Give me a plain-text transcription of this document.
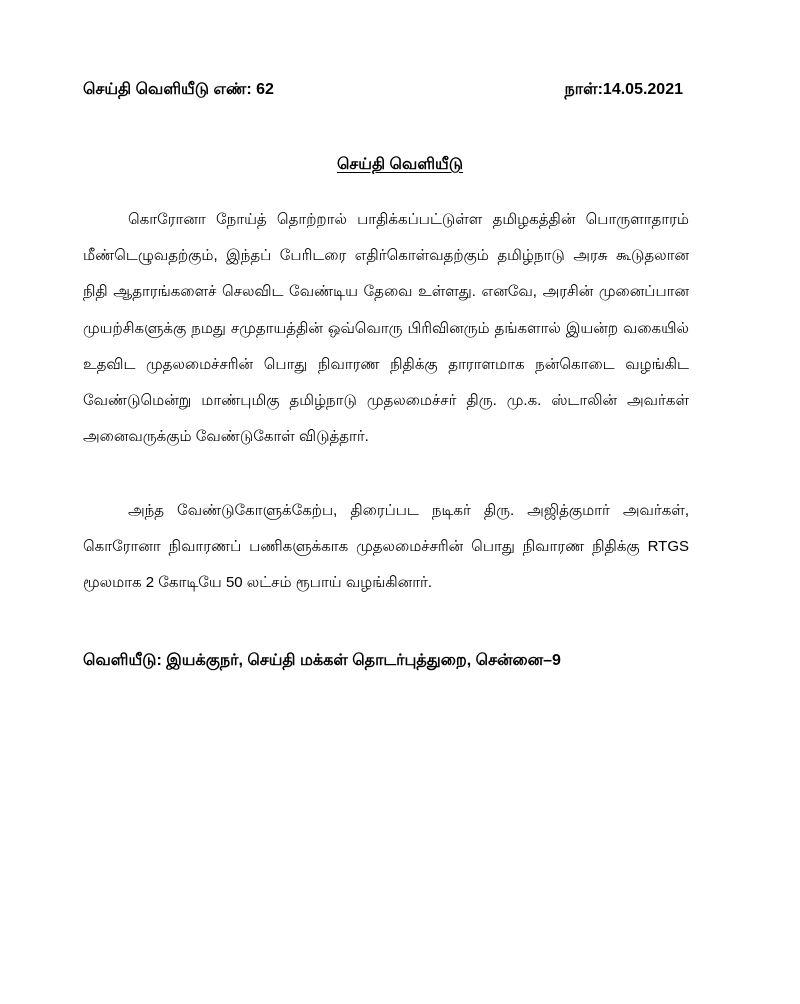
செய்தி வெளியீடு எண்: 62	நாள்:14.05.2021
செய்தி வெளியீடு

கொரோனா நோய்த் தொற்றால் பாதிக்கப்பட்டுள்ள தமிழகத்தின் பொருளாதாரம் மீண்டெழுவதற்கும், இந்தப் பேரிடரை எதிர்கொள்வதற்கும் தமிழ்நாடு அரசு கூடுதலான நிதி ஆதாரங்களைச் செலவிட வேண்டிய தேவை உள்ளது. எனவே, அரசின் முனைப்பான முயற்சிகளுக்கு நமது சமுதாயத்தின் ஒவ்வொரு பிரிவினரும் தங்களால் இயன்ற வகையில் உதவிட முதலமைச்சரின் பொது நிவாரண நிதிக்கு தாராளமாக நன்கொடை வழங்கிட வேண்டுமென்று மாண்புமிகு தமிழ்நாடு முதலமைச்சர் திரு. மு.க. ஸ்டாலின் அவர்கள் அனைவருக்கும் வேண்டுகோள் விடுத்தார்.

அந்த வேண்டுகோளுக்கேற்ப, திரைப்பட நடிகர் திரு. அஜித்குமார் அவர்கள், கொரோனா நிவாரணப் பணிகளுக்காக முதலமைச்சரின் பொது நிவாரண நிதிக்கு RTGS மூலமாக 2 கோடியே 50 லட்சம் ரூபாய் வழங்கினார்.

வெளியீடு: இயக்குநர், செய்தி மக்கள் தொடர்புத்துறை, சென்னை–9
